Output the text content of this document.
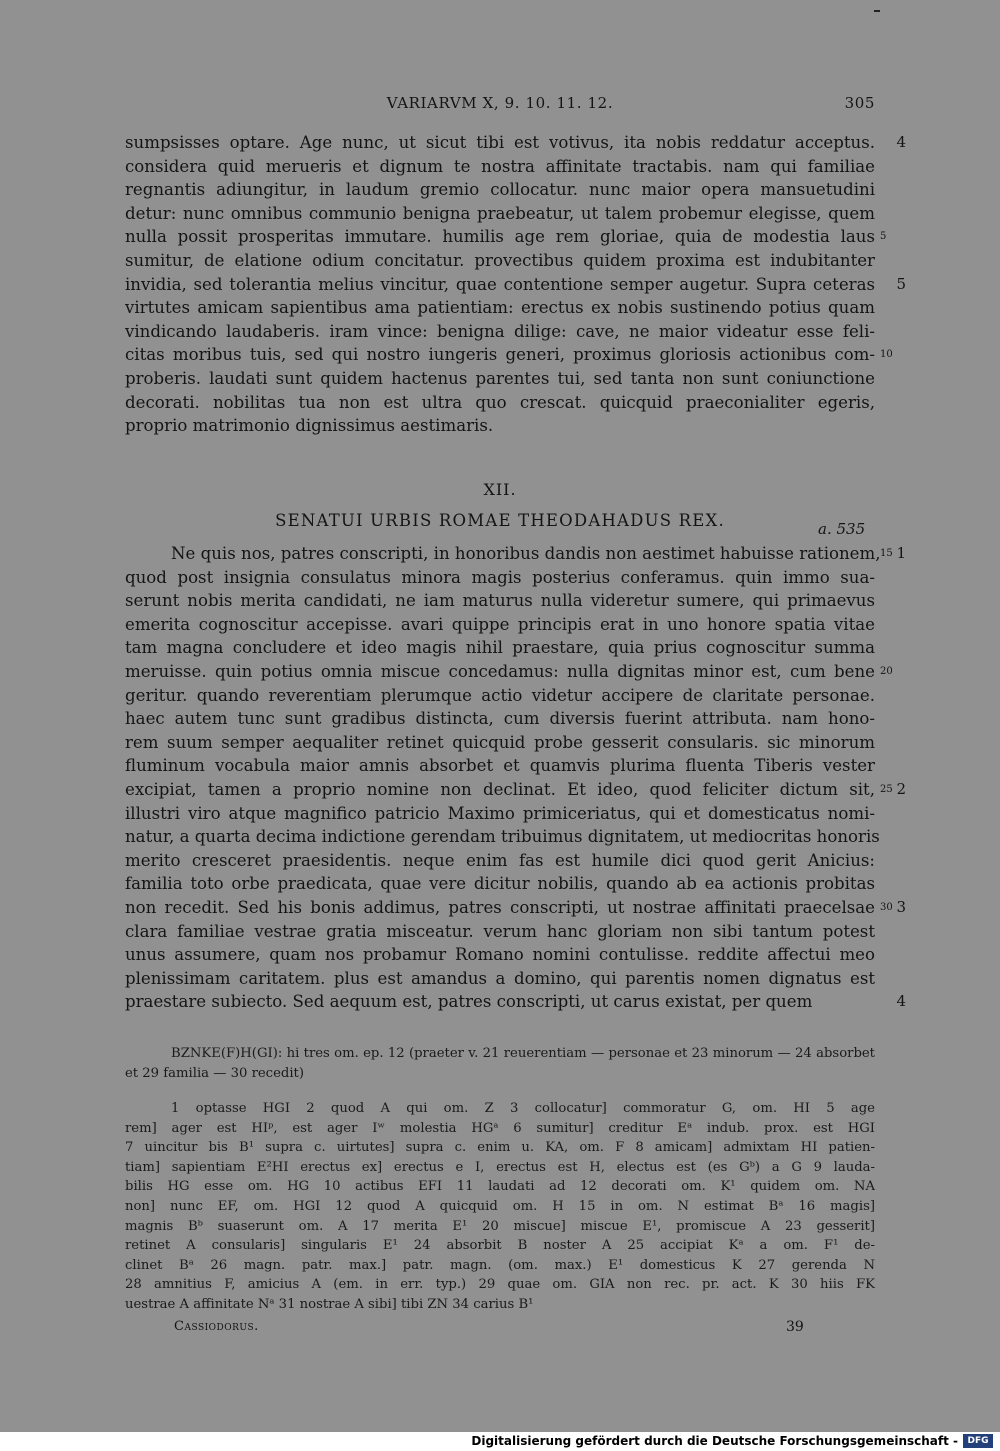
VARIARVM X, 9. 10. 11. 12.	305
sumpsisses optare. Age nunc, ut sicut tibi est votivus, ita nobis reddatur acceptus.
considera quid merueris et dignum te nostra affinitate tractabis. nam qui familiae
regnantis adiungitur, in laudum gremio collocatur. nunc maior opera mansuetudini
detur: nunc omnibus communio benigna praebeatur, ut talem probemur elegisse, quem
nulla possit prosperitas immutare. humilis age rem gloriae, quia de modestia laus
sumitur, de elatione odium concitatur. provectibus quidem proxima est indubitanter
invidia, sed tolerantia melius vincitur, quae contentione semper augetur. Supra ceteras
virtutes amicam sapientibus ama patientiam: erectus ex nobis sustinendo potius quam
vindicando laudaberis. iram vince: benigna dilige: cave, ne maior videatur esse feli-
citas moribus tuis, sed qui nostro iungeris generi, proximus gloriosis actionibus com-
proberis. laudati sunt quidem hactenus parentes tui, sed tanta non sunt coniunctione
decorati. nobilitas tua non est ultra quo crescat. quicquid praeconialiter egeris,
proprio matrimonio dignissimus aestimaris.
4
5
5
10
XII.
SENATUI URBIS ROMAE THEODAHADUS REX.	a. 535
Ne quis nos, patres conscripti, in honoribus dandis non aestimet habuisse rationem,
quod post insignia consulatus minora magis posterius conferamus. quin immo sua-
serunt nobis merita candidati, ne iam maturus nulla videretur sumere, qui primaevus
emerita cognoscitur accepisse. avari quippe principis erat in uno honore spatia vitae
tam magna concludere et ideo magis nihil praestare, quia prius cognoscitur summa
meruisse. quin potius omnia miscue concedamus: nulla dignitas minor est, cum bene
geritur. quando reverentiam plerumque actio videtur accipere de claritate personae.
haec autem tunc sunt gradibus distincta, cum diversis fuerint attributa. nam hono-
rem suum semper aequaliter retinet quicquid probe gesserit consularis. sic minorum
fluminum vocabula maior amnis absorbet et quamvis plurima fluenta Tiberis vester
excipiat, tamen a proprio nomine non declinat. Et ideo, quod feliciter dictum sit,
illustri viro atque magnifico patricio Maximo primiceriatus, qui et domesticatus nomi-
natur, a quarta decima indictione gerendam tribuimus dignitatem, ut mediocritas honoris
merito cresceret praesidentis. neque enim fas est humile dici quod gerit Anicius:
familia toto orbe praedicata, quae vere dicitur nobilis, quando ab ea actionis probitas
non recedit. Sed his bonis addimus, patres conscripti, ut nostrae affinitati praecelsae
clara familiae vestrae gratia misceatur. verum hanc gloriam non sibi tantum potest
unus assumere, quam nos probamur Romano nomini contulisse. reddite affectui meo
plenissimam caritatem. plus est amandus a domino, qui parentis nomen dignatus est
praestare subiecto. Sed aequum est, patres conscripti, ut carus existat, per quem
15 1
20
25 2
30 3
4
BZNKE(F)H(GI): hi tres om. ep. 12 (praeter v. 21 reuerentiam — personae et 23 minorum — 24 absorbet
et 29 familia — 30 recedit)
1 optasse HGI 2 quod A qui om. Z 3 collocatur] commoratur G, om. HI 5 age
rem] ager est HIᵖ, est ager Iʷ molestia HGᵃ 6 sumitur] creditur Eᵃ indub. prox. est HGI
7 uincitur bis B¹ supra c. uirtutes] supra c. enim u. KA, om. F 8 amicam] admixtam HI patien-
tiam] sapientiam E²HI erectus ex] erectus e I, erectus est H, electus est (es Gᵇ) a G 9 lauda-
bilis HG esse om. HG 10 actibus EFI 11 laudati ad 12 decorati om. K¹ quidem om. NA
non] nunc EF, om. HGI 12 quod A quicquid om. H 15 in om. N estimat Bᵃ 16 magis]
magnis Bᵇ suaserunt om. A 17 merita E¹ 20 miscue] miscue E¹, promiscue A 23 gesserit]
retinet A consularis] singularis E¹ 24 absorbit B noster A 25 accipiat Kᵃ a om. F¹ de-
clinet Bᵃ 26 magn. patr. max.] patr. magn. (om. max.) E¹ domesticus K 27 gerenda N
28 amnitius F, amicius A (em. in err. typ.) 29 quae om. GIA non rec. pr. act. K 30 hiis FK
uestrae A affinitate Nᵃ 31 nostrae A sibi] tibi ZN 34 carius B¹
Cassiodorus.	39
Digitalisierung gefördert durch die Deutsche Forschungsgemeinschaft -	DFG
